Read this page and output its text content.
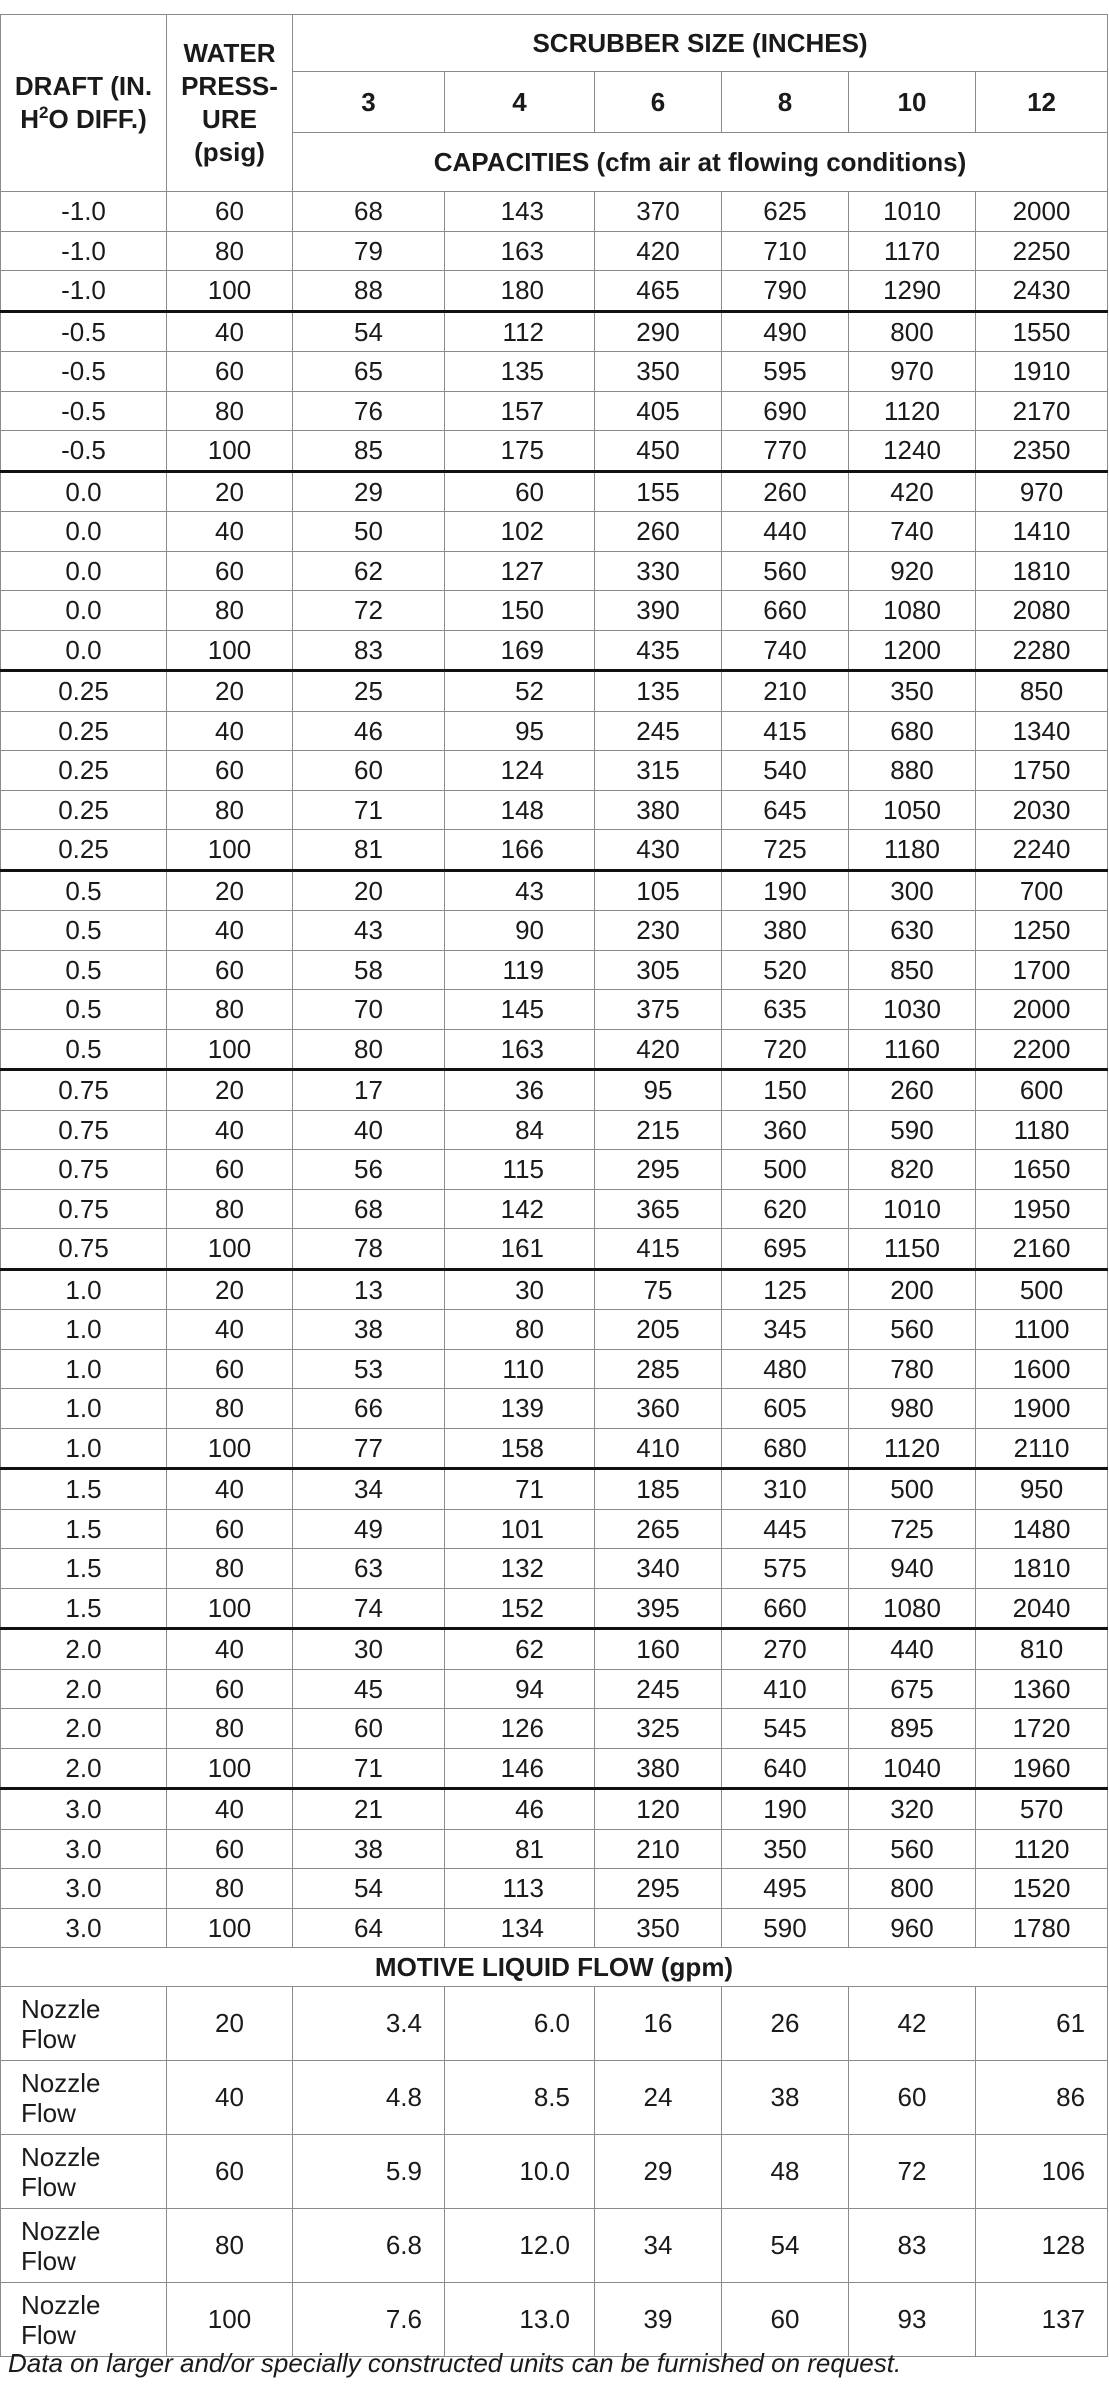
DRAFT (IN.
$H^2O$ DIFF.)	WATER
PRESS-
URE
(psig)	SCRUBBER SIZE (INCHES)					
		3	4	6	8	10	12
		CAPACITIES (cfm air at flowing conditions)					
-1.0	60	68	143	370	625	1010	2000
-1.0	80	79	163	420	710	1170	2250
-1.0	100	88	180	465	790	1290	2430
-0.5	40	54	112	290	490	800	1550
-0.5	60	65	135	350	595	970	1910
-0.5	80	76	157	405	690	1120	2170
-0.5	100	85	175	450	770	1240	2350
0.0	20	29	60	155	260	420	970
0.0	40	50	102	260	440	740	1410
0.0	60	62	127	330	560	920	1810
0.0	80	72	150	390	660	1080	2080
0.0	100	83	169	435	740	1200	2280
0.25	20	25	52	135	210	350	850
0.25	40	46	95	245	415	680	1340
0.25	60	60	124	315	540	880	1750
0.25	80	71	148	380	645	1050	2030
0.25	100	81	166	430	725	1180	2240
0.5	20	20	43	105	190	300	700
0.5	40	43	90	230	380	630	1250
0.5	60	58	119	305	520	850	1700
0.5	80	70	145	375	635	1030	2000
0.5	100	80	163	420	720	1160	2200
0.75	20	17	36	95	150	260	600
0.75	40	40	84	215	360	590	1180
0.75	60	56	115	295	500	820	1650
0.75	80	68	142	365	620	1010	1950
0.75	100	78	161	415	695	1150	2160
1.0	20	13	30	75	125	200	500
1.0	40	38	80	205	345	560	1100
1.0	60	53	110	285	480	780	1600
1.0	80	66	139	360	605	980	1900
1.0	100	77	158	410	680	1120	2110
1.5	40	34	71	185	310	500	950
1.5	60	49	101	265	445	725	1480
1.5	80	63	132	340	575	940	1810
1.5	100	74	152	395	660	1080	2040
2.0	40	30	62	160	270	440	810
2.0	60	45	94	245	410	675	1360
2.0	80	60	126	325	545	895	1720
2.0	100	71	146	380	640	1040	1960
3.0	40	21	46	120	190	320	570
3.0	60	38	81	210	350	560	1120
3.0	80	54	113	295	495	800	1520
3.0	100	64	134	350	590	960	1780
MOTIVE LIQUID FLOW (gpm)							
Nozzle
Flow	20	3.4	6.0	16	26	42	61
Nozzle
Flow	40	4.8	8.5	24	38	60	86
Nozzle
Flow	60	5.9	10.0	29	48	72	106
Nozzle
Flow	80	6.8	12.0	34	54	83	128
Nozzle
Flow	100	7.6	13.0	39	60	93	137
Data on larger and/or specially constructed units can be furnished on request.
